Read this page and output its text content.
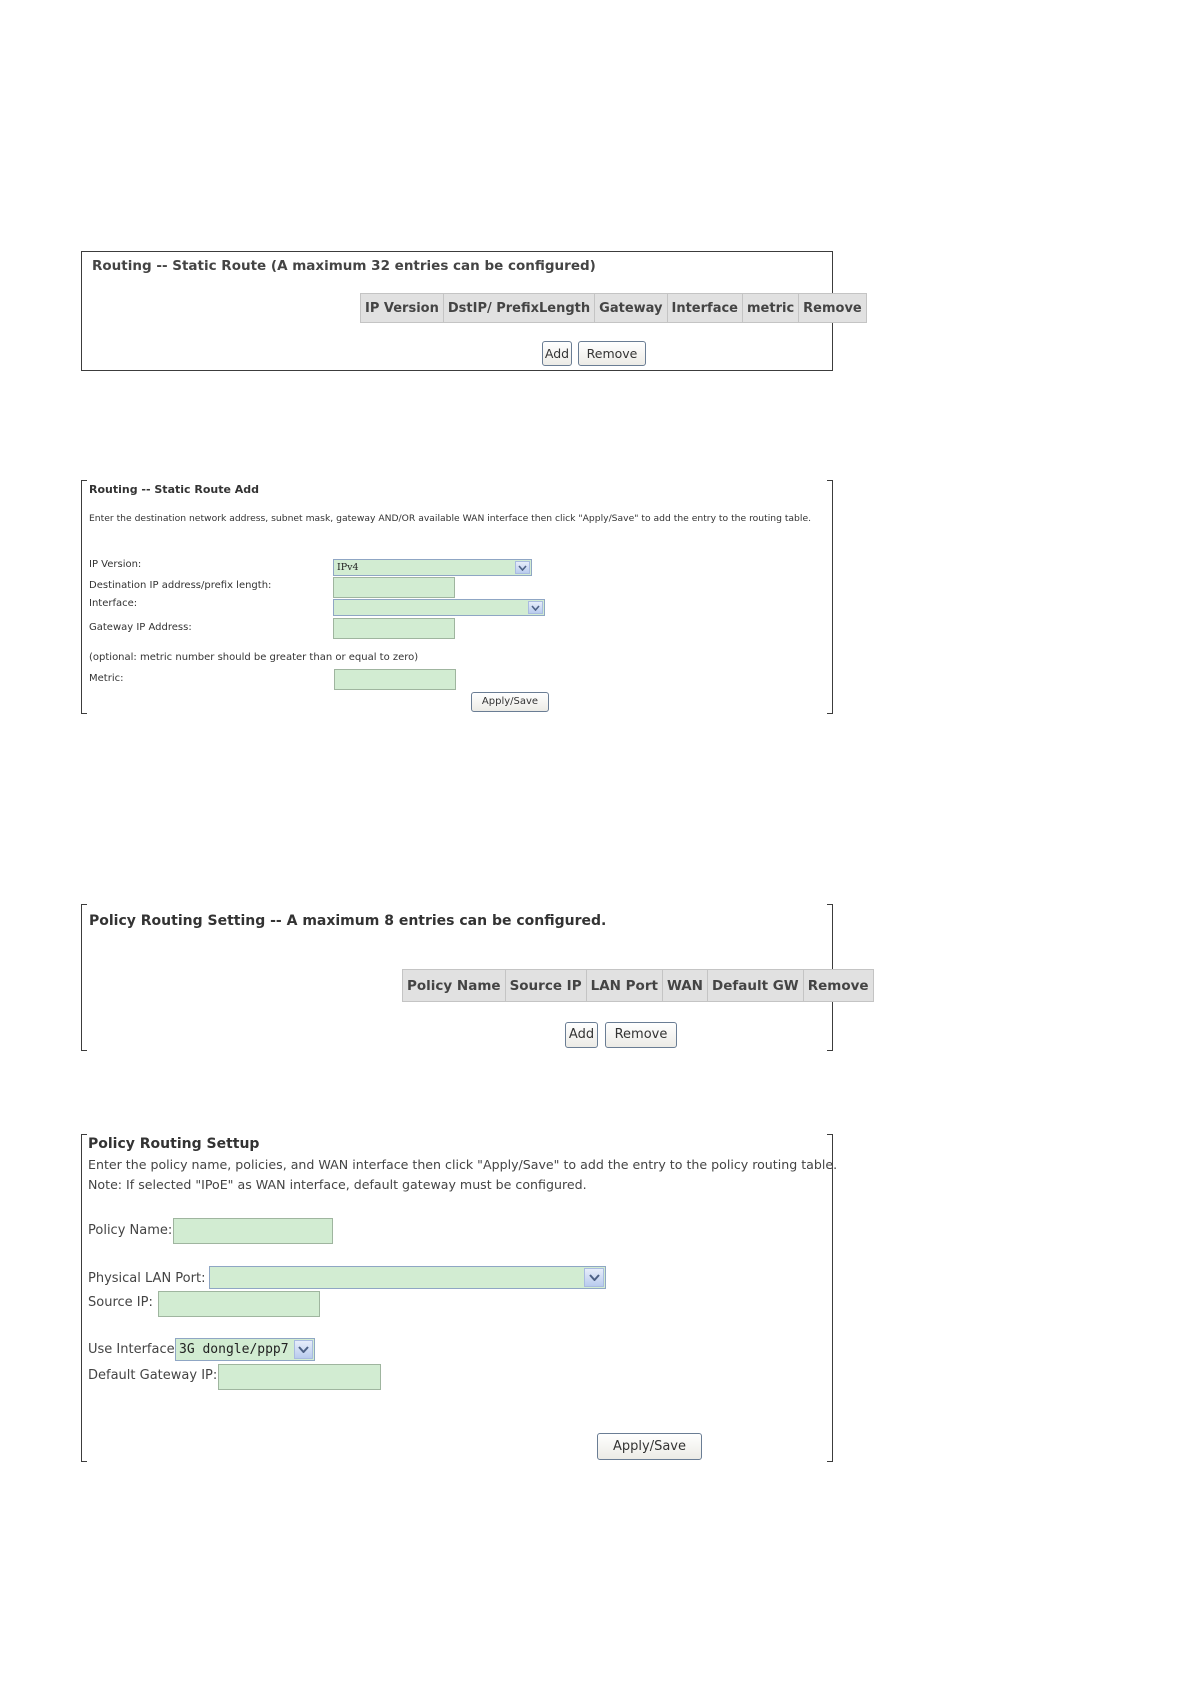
Routing -- Static Route (A maximum 32 entries can be configured)
IP Version	DstIP/ PrefixLength	Gateway	Interface	metric	Remove
Add	Remove
Routing -- Static Route Add
Enter the destination network address, subnet mask, gateway AND/OR available WAN interface then click "Apply/Save" to add the entry to the routing table.
IP Version:	IPv4
Destination IP address/prefix length:
Interface:
Gateway IP Address:
(optional: metric number should be greater than or equal to zero)
Metric:
Apply/Save
Policy Routing Setting -- A maximum 8 entries can be configured.
Policy Name	Source IP	LAN Port	WAN	Default GW	Remove
Add	Remove
Policy Routing Settup
Enter the policy name, policies, and WAN interface then click "Apply/Save" to add the entry to the policy routing table.
Note: If selected "IPoE" as WAN interface, default gateway must be configured.
Policy Name:
Physical LAN Port:
Source IP:
Use Interface 3G dongle/ppp7
Default Gateway IP:
Apply/Save
